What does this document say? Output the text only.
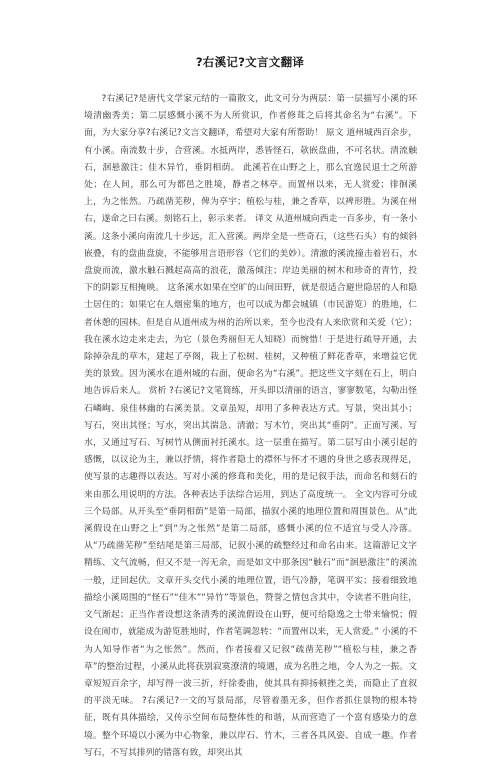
?右溪记?文言文翻译

?右溪记?是唐代文学家元结的一篇散文，此文可分为两层：第一层描写小溪的环境清幽秀美；第二层感慨小溪不为人所赏识，作者修葺之后将其命名为“右溪”。下面，为大家分享?右溪记?文言文翻译，希望对大家有所帮助！ 原文 道州城西百余步，有小溪。南流数十步，合营溪。水抵两岸，悉皆怪石，欹嵌盘曲，不可名状。清流触石，洄悬激注；佳木异竹，垂阴相荫。 此溪若在山野之上，那么宜逸民退士之所游处；在人间，那么可为都邑之胜境，静者之林亭。而置州以来，无人赏爱；徘徊溪上，为之怅然。乃疏凿芜秽，俾为亭宇；植松与桂，兼之香草，以裨形胜。为溪在州右，遂命之曰右溪。刻铭石上，彰示来者。 译文 从道州城向西走一百多步，有一条小溪。这条小溪向南流几十步远，汇入营溪。两岸全是一些奇石，（这些石头）有的倾斜嵌叠，有的盘曲盘旋，不能够用言语形容（它们的美妙）。清澈的溪流撞击着岩石，水盘旋而流，激水触石溅起高高的浪花，激荡倾注；岸边美丽的树木和珍奇的青竹，投下的阴影互相掩映。 这条溪水如果在空旷的山间田野，就是很适合避世隐居的人和隐士居住的；如果它在人烟密集的地方，也可以成为都会城镇（市民游览）的胜地，仁者休憩的园林。但是自从道州成为州的治所以来，至今也没有人来欣赏和关爱（它）；我在溪水边走来走去，为它（景色秀丽但无人知晓）而惋惜！于是进行疏导开通，去除掉杂乱的草木，建起了亭阁，栽上了松树、桂树，又种植了鲜花香草，来增益它优美的景致。因为溪水在道州城的右面，便命名为“右溪”。把这些文字刻在石上，明白地告诉后来人。 赏析 ?右溪记?文笔简练，开头即以清丽的语言，寥寥数笔，勾勒出怪石嶙峋、泉佳林幽的右溪美景。文章虽短，却用了多种表达方式。写景，突出其小；写石，突出其怪；写水，突出其湍急、清澈；写木竹，突出其“垂阴”。正面写溪、写水，又通过写石、写树竹从侧面衬托溪水。这一层重在描写。第二层写由小溪引起的感慨，以议论为主，兼以抒情，将作者隐士的襟怀与怀才不遇的身世之感表现得足，使写景的志趣得以表达。写对小溪的修葺和美化，用的是记叙手法，而命名和刻石的来由那么用说明的方法。各种表达手法综合运用，到达了高度统一。 全文内容可分成三个局部。从开头至“垂阴相荫”是第一局部，描叙小溪的地理位置和周围景色。从“此溪假设在山野之上”到“为之怅然”是第二局部，感慨小溪的位不适宜与受人冷落。从“乃疏凿芜秽”至结尾是第三局部，记叙小溪的疏整经过和命名由来。这篇游记文字精练、文气流畅，但又不是一泻无余，而是如文中那条因“触石”而“洄悬激注”的溪流一般，迂回起伏。文章开头交代小溪的地理位置，语气冷静，笔调平实；接着细致地描绘小溪周围的“怪石”“佳木”“异竹”等景色，赞誉之情包含其中，令读者不胜向往，文气渐起；正当作者设想这条清秀的溪流假设在山野，便可给隐逸之士带来愉悦；假设在闹市，就能成为游览胜地时，作者笔调忽转：“而置州以来，无人赏爱。” 小溪的不为人知导作者“为之怅然”。然而，作者接着又记叙“疏凿芜秽”“植松与桂，兼之香草”的整治过程，小溪从此将获别寂寞潦清的境遇，成为名胜之地，令人为之一振。文章短短百余字，却写得一波三折，纡徐委曲，使其具有抑扬顿挫之美，而隐止了直叙的平淡无味。 ?右溪记?一文的写景局部，尽管着墨无多，但作者抓住景物的根本特征，既有具体描绘，又传示空间布局整体性的和谐，从而营造了一个富有感染力的意境。整个环境以小溪为中心物象，兼以岸石、竹木，三者各具风姿、自成一趣。作者写石，不写其排列的错落有致，却突出其
